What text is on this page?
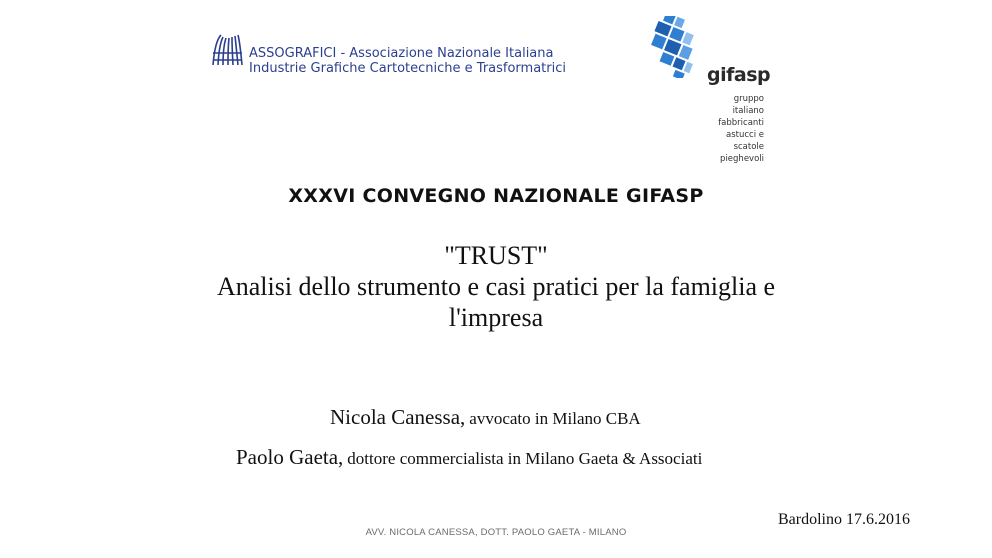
ASSOGRAFICI - Associazione Nazionale Italiana
Industrie Grafiche Cartotecniche e Trasformatrici	gifasp
gruppo
italiano
fabbricanti
astucci e
scatole
pieghevoli
XXXVI CONVEGNO NAZIONALE GIFASP
"TRUST"
Analisi dello strumento e casi pratici per la famiglia e
l'impresa
Nicola Canessa, avvocato in Milano CBA
Paolo Gaeta, dottore commercialista in Milano Gaeta & Associati
AVV. NICOLA CANESSA, DOTT. PAOLO GAETA - MILANO
Bardolino 17.6.2016
